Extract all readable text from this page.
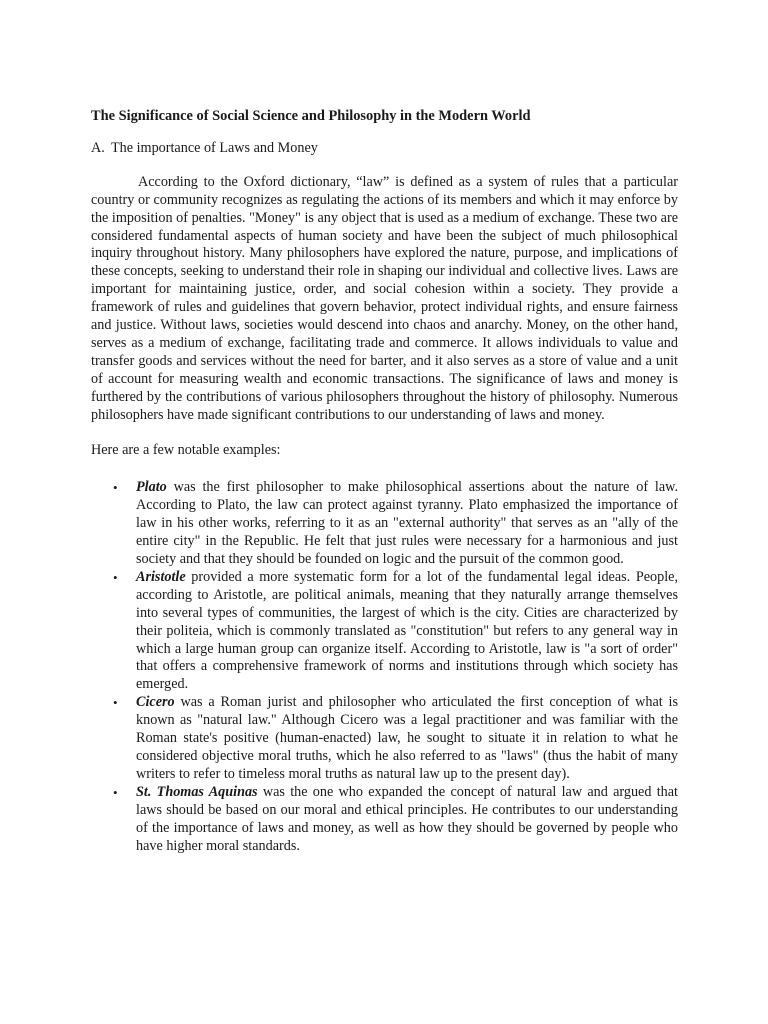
The Significance of Social Science and Philosophy in the Modern World

A. The importance of Laws and Money

According to the Oxford dictionary, “law” is defined as a system of rules that a particular country or community recognizes as regulating the actions of its members and which it may enforce by the imposition of penalties. "Money" is any object that is used as a medium of exchange. These two are considered fundamental aspects of human society and have been the subject of much philosophical inquiry throughout history. Many philosophers have explored the nature, purpose, and implications of these concepts, seeking to understand their role in shaping our individual and collective lives. Laws are important for maintaining justice, order, and social cohesion within a society. They provide a framework of rules and guidelines that govern behavior, protect individual rights, and ensure fairness and justice. Without laws, societies would descend into chaos and anarchy. Money, on the other hand, serves as a medium of exchange, facilitating trade and commerce. It allows individuals to value and transfer goods and services without the need for barter, and it also serves as a store of value and a unit of account for measuring wealth and economic transactions. The significance of laws and money is furthered by the contributions of various philosophers throughout the history of philosophy. Numerous philosophers have made significant contributions to our understanding of laws and money.

Here are a few notable examples:

• Plato was the first philosopher to make philosophical assertions about the nature of law. According to Plato, the law can protect against tyranny. Plato emphasized the importance of law in his other works, referring to it as an "external authority" that serves as an "ally of the entire city" in the Republic. He felt that just rules were necessary for a harmonious and just society and that they should be founded on logic and the pursuit of the common good.
• Aristotle provided a more systematic form for a lot of the fundamental legal ideas. People, according to Aristotle, are political animals, meaning that they naturally arrange themselves into several types of communities, the largest of which is the city. Cities are characterized by their politeia, which is commonly translated as "constitution" but refers to any general way in which a large human group can organize itself. According to Aristotle, law is "a sort of order" that offers a comprehensive framework of norms and institutions through which society has emerged.
• Cicero was a Roman jurist and philosopher who articulated the first conception of what is known as "natural law." Although Cicero was a legal practitioner and was familiar with the Roman state's positive (human-enacted) law, he sought to situate it in relation to what he considered objective moral truths, which he also referred to as "laws" (thus the habit of many writers to refer to timeless moral truths as natural law up to the present day).
• St. Thomas Aquinas was the one who expanded the concept of natural law and argued that laws should be based on our moral and ethical principles. He contributes to our understanding of the importance of laws and money, as well as how they should be governed by people who have higher moral standards.
